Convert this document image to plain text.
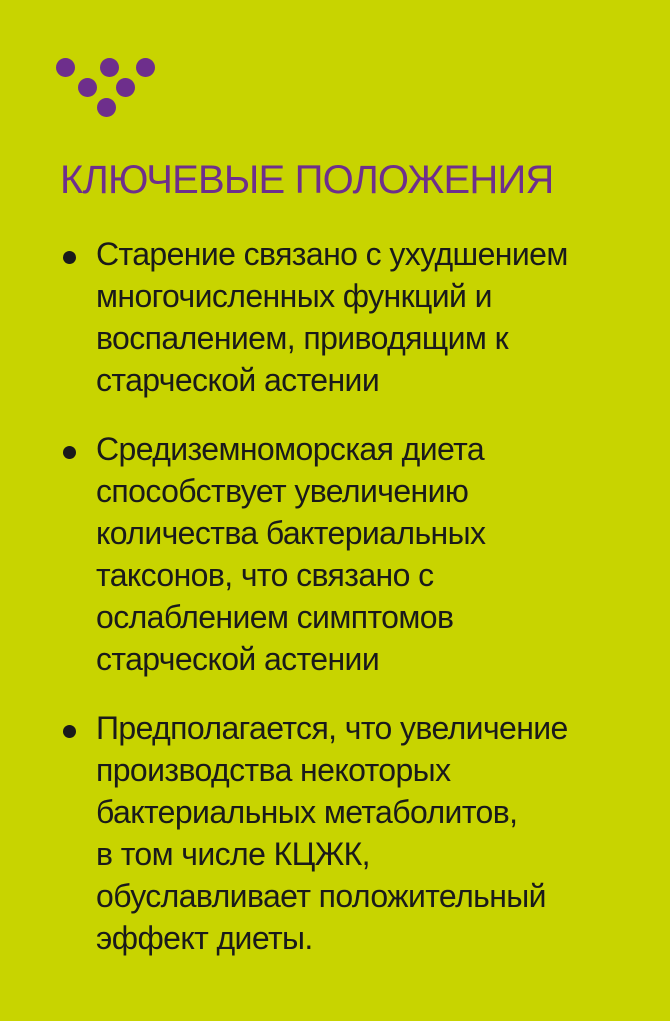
КЛЮЧЕВЫЕ ПОЛОЖЕНИЯ
Старение связано с ухудшением
многочисленных функций и
воспалением, приводящим к
старческой астении
Средиземноморская диета
способствует увеличению
количества бактериальных
таксонов, что связано с
ослаблением симптомов
старческой астении
Предполагается, что увеличение
производства некоторых
бактериальных метаболитов,
в том числе КЦЖК,
обуславливает положительный
эффект диеты.
